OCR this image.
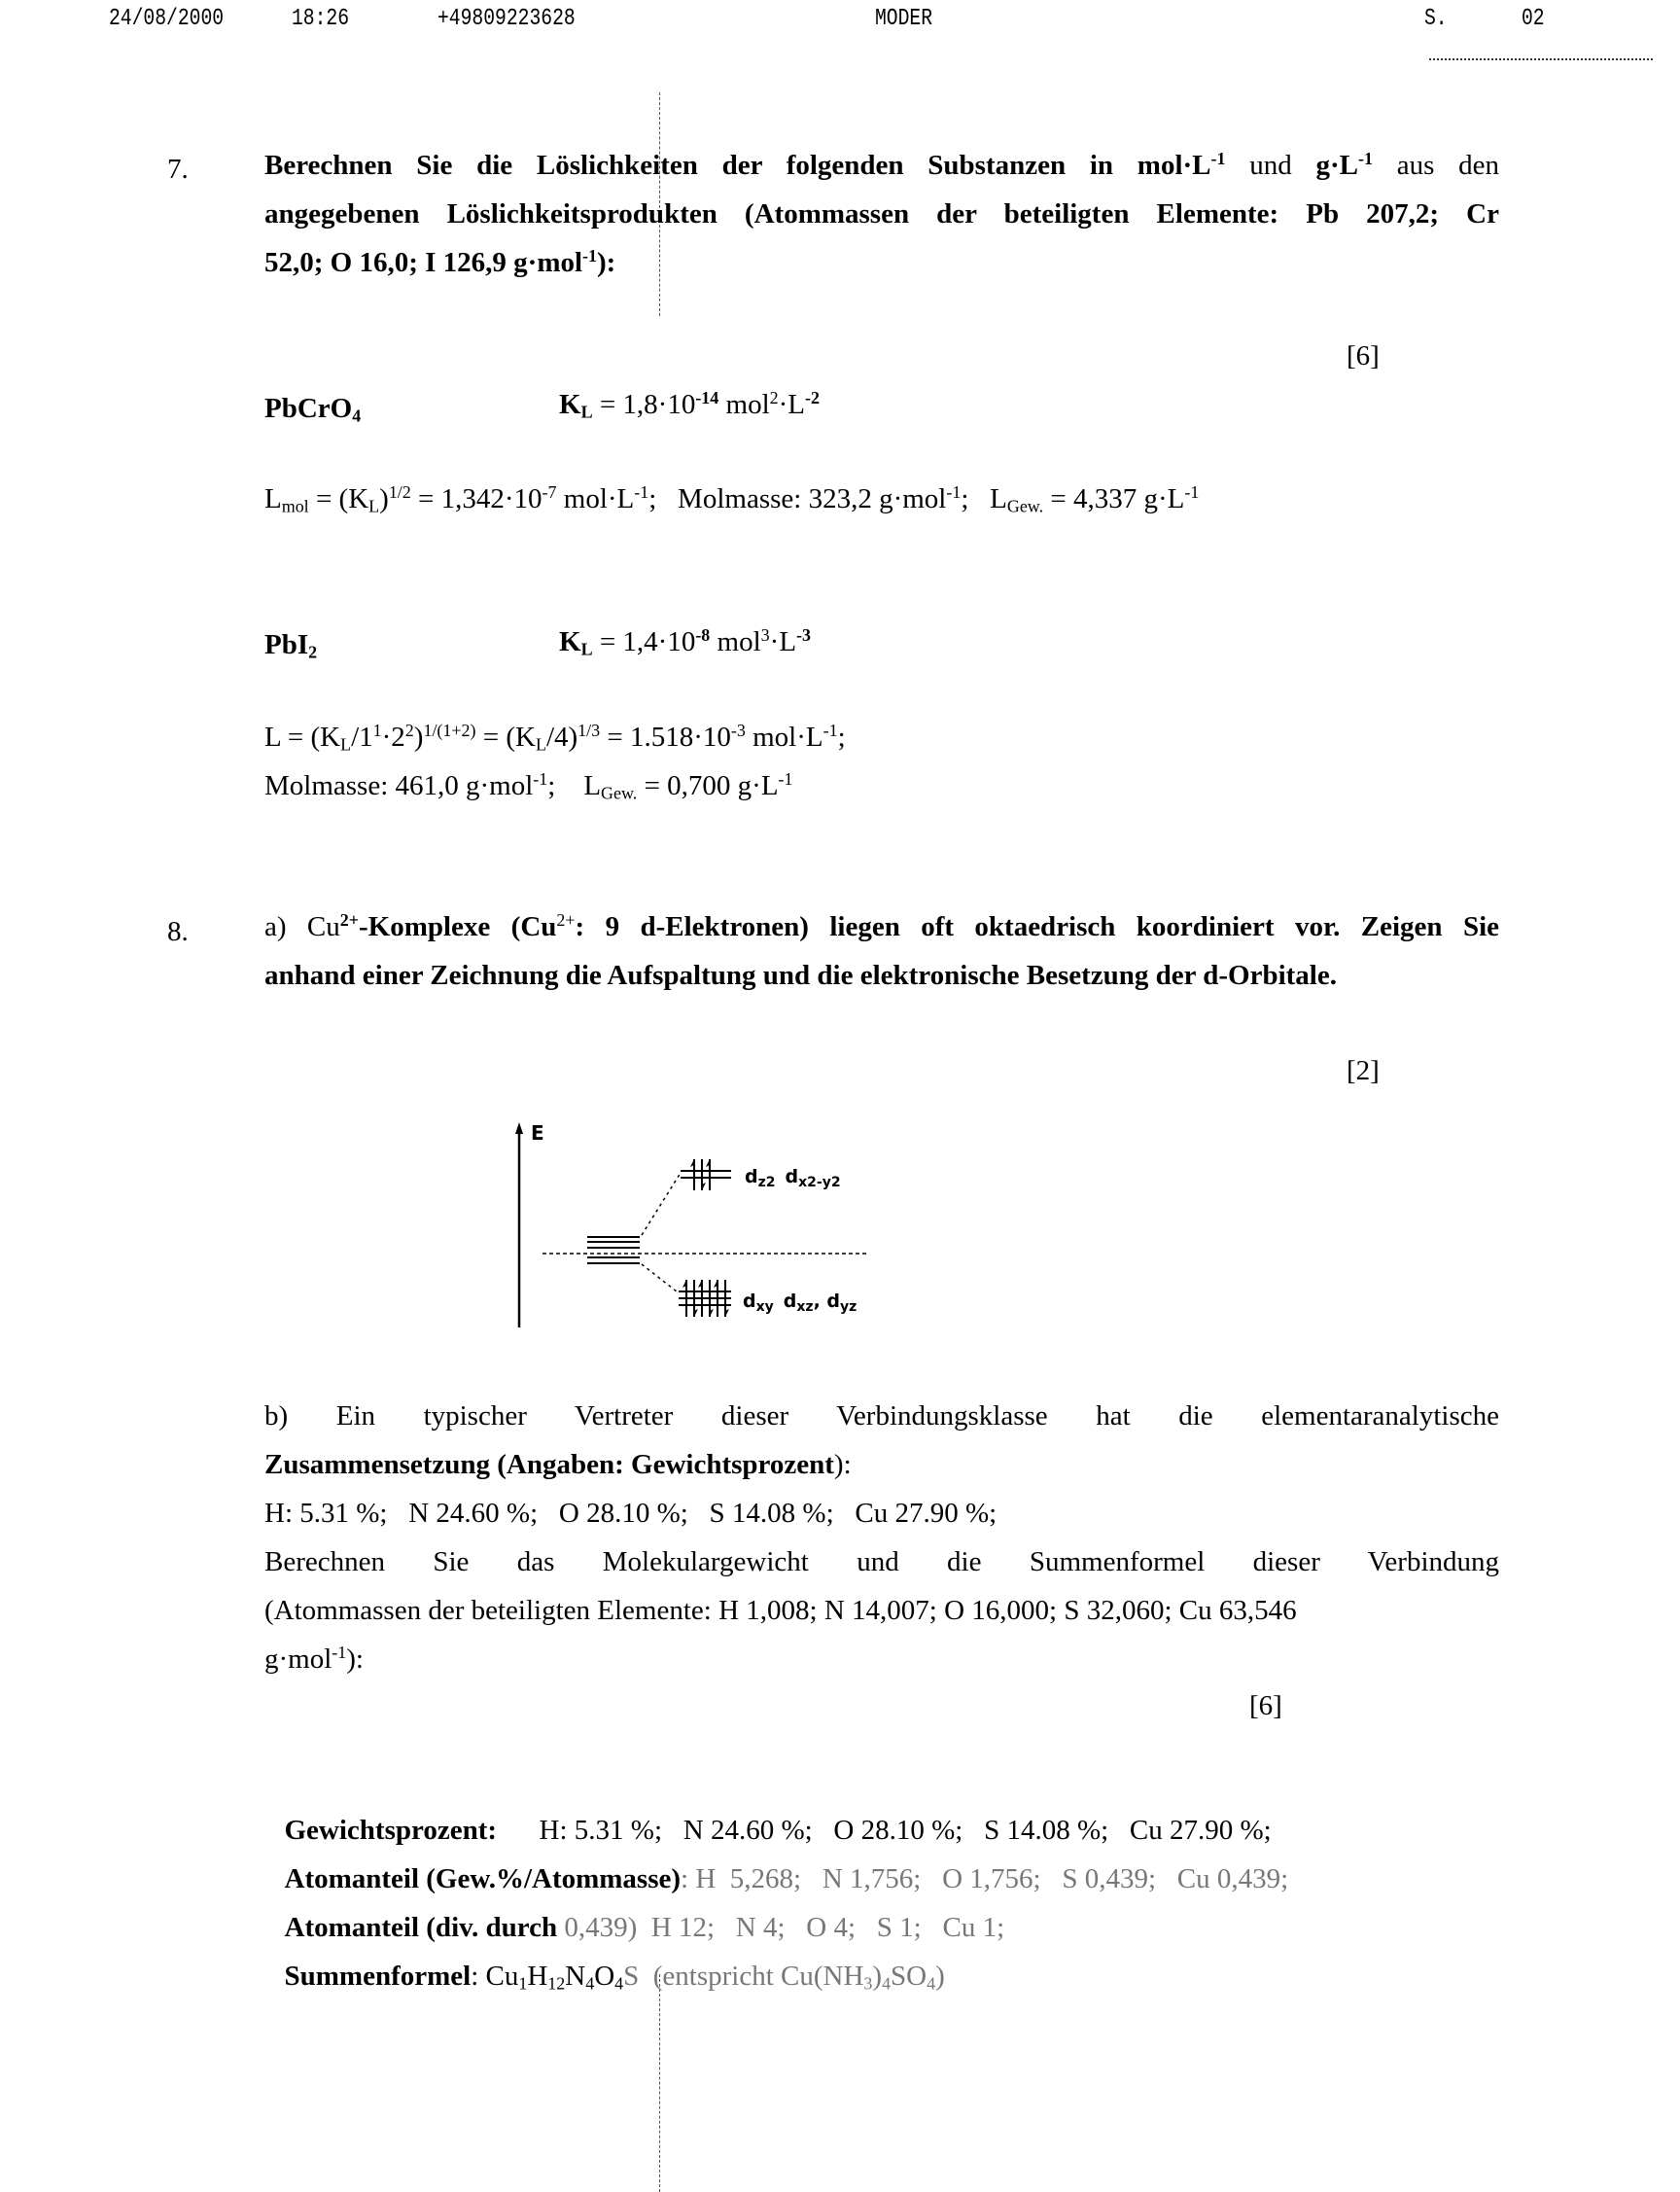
24/08/2000	18:26	+49809223628	MODER	S.	02
7.	Berechnen Sie die Löslichkeiten der folgenden Substanzen in $mol\cdot L^{-1}$ und $g\cdot L^{-1}$ aus den
angegebenen Löslichkeitsprodukten (Atommassen der beteiligten Elemente: Pb 207,2; Cr
52,0; O 16,0; I 126,9 g·mol$^{-1}$):
[6]
PbCrO$_4$	$K_L = 1,8\cdot 10^{-14}$ $mol^2\cdot L^{-2}$
$L_{mol} = (K_L)^{1/2} = 1,342\cdot 10^{-7}$ $mol\cdot L^{-1}$;   Molmasse: 323,2 g·mol$^{-1}$;   $L_{Gew.} = 4,337$ $g\cdot L^{-1}$
PbI$_2$	$K_L = 1,4\cdot 10^{-8}$ $mol^3\cdot L^{-3}$
$L = (K_L/1^1\cdot 2^2)^{1/(1+2)} = (K_L/4)^{1/3} = 1.518\cdot 10^{-3}$ $mol\cdot L^{-1}$;
Molmasse: 461,0 g·mol$^{-1}$;    $L_{Gew.} = 0,700$ $g\cdot L^{-1}$
8.	a) $Cu^{2+}$-Komplexe ($Cu^{2+}$: 9 d-Elektronen) liegen oft oktaedrisch koordiniert vor. Zeigen Sie
anhand einer Zeichnung die Aufspaltung und die elektronische Besetzung der d-Orbitale.
[2]
E
$d_{z2}$ $d_{x2-y2}$
$d_{xy}$ $d_{xz}$, $d_{yz}$
b) Ein typischer Vertreter dieser Verbindungsklasse hat die elementaranalytische
Zusammensetzung (Angaben: Gewichtsprozent):
H: 5.31 %;   N 24.60 %;   O 28.10 %;   S 14.08 %;   Cu 27.90 %;
Berechnen Sie das Molekulargewicht und die Summenformel dieser Verbindung
(Atommassen der beteiligten Elemente: H 1,008; N 14,007; O 16,000; S 32,060; Cu 63,546
g·mol$^{-1}$):
[6]

Gewichtsprozent: H: 5.31 %;   N 24.60 %;   O 28.10 %;   S 14.08 %;   Cu 27.90 %;

Atomanteil (Gew.%/Atommasse): H  5,268;   N 1,756;   O 1,756;   S 0,439;   Cu 0,439;

Atomanteil (div. durch 0,439)  H 12;   N 4;   O 4;   S 1;   Cu 1;

Summenformel: $Cu_1H_{12}N_4O_4S$  (entspricht $Cu(NH_3)_4SO_4$)
